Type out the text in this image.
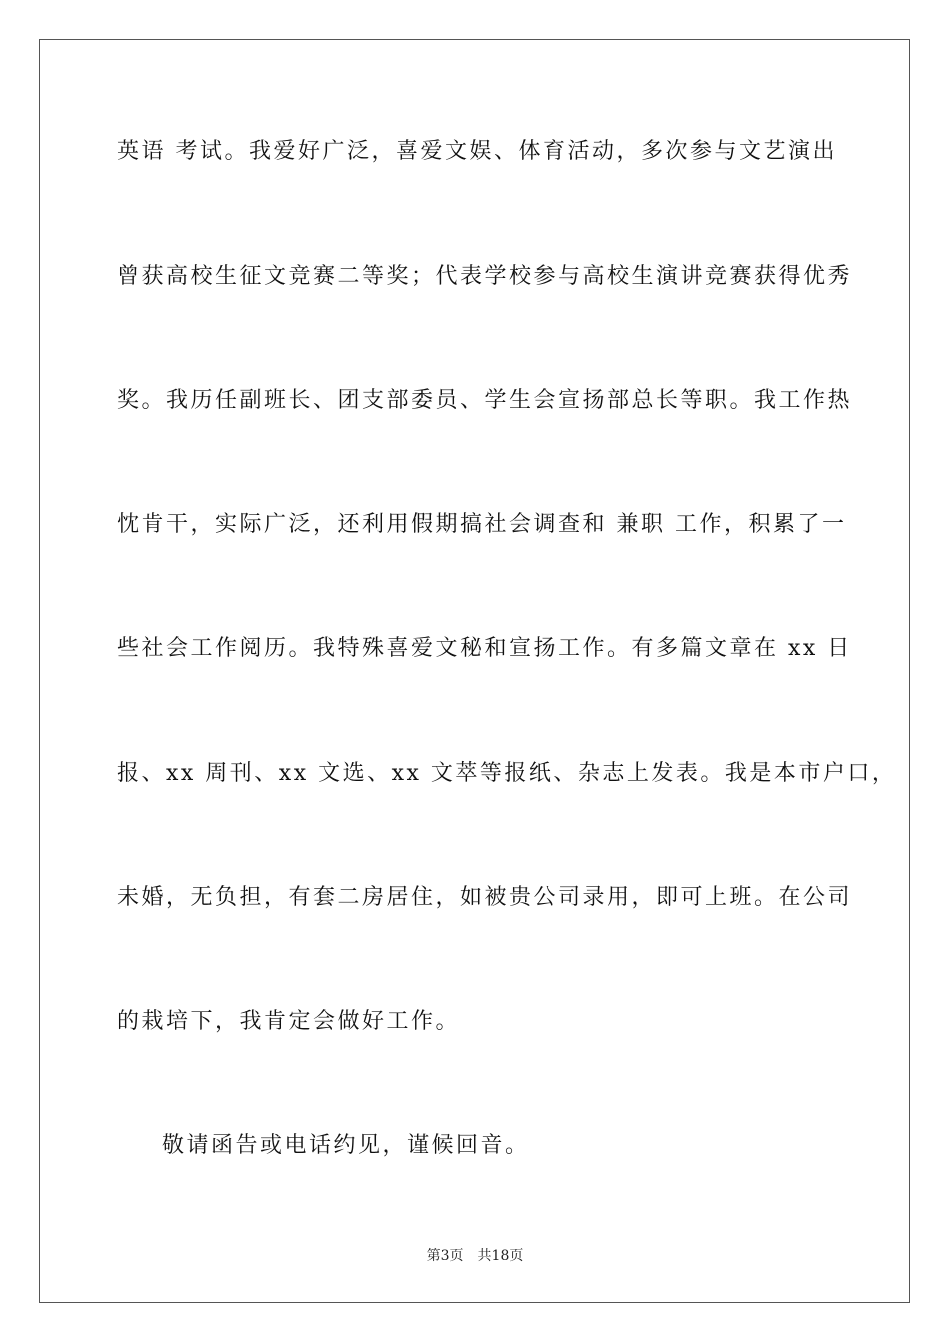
英语 考试。我爱好广泛，喜爱文娱、体育活动，多次参与文艺演出
曾获高校生征文竞赛二等奖；代表学校参与高校生演讲竞赛获得优秀
奖。我历任副班长、团支部委员、学生会宣扬部总长等职。我工作热
忱肯干，实际广泛，还利用假期搞社会调查和 兼职 工作，积累了一
些社会工作阅历。我特殊喜爱文秘和宣扬工作。有多篇文章在 xx 日
报、xx 周刊、xx 文选、xx 文萃等报纸、杂志上发表。我是本市户口，
未婚，无负担，有套二房居住，如被贵公司录用，即可上班。在公司
的栽培下，我肯定会做好工作。
敬请函告或电话约见，谨候回音。
第3页　共18页
